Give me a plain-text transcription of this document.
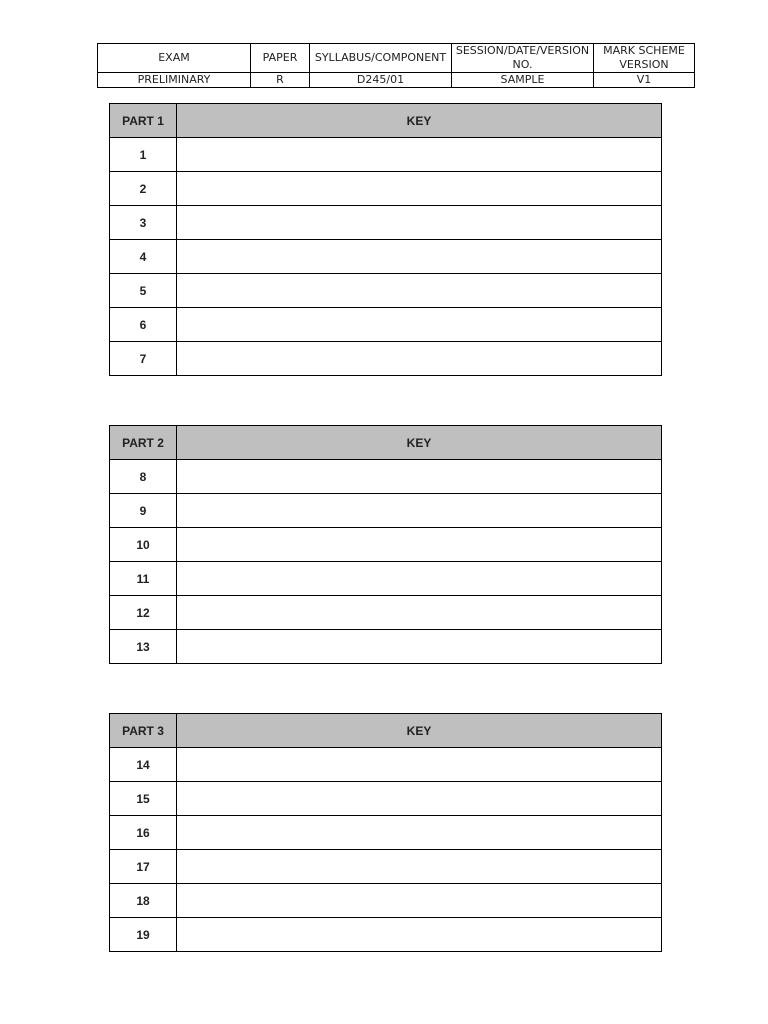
EXAM	PAPER	SYLLABUS/COMPONENT	SESSION/DATE/VERSION NO.	MARK SCHEME VERSION
PRELIMINARY	R	D245/01	SAMPLE	V1
PART 1	KEY
1	
2	
3	
4	
5	
6	
7	
PART 2	KEY
8	
9	
10	
11	
12	
13	
PART 3	KEY
14	
15	
16	
17	
18	
19	
